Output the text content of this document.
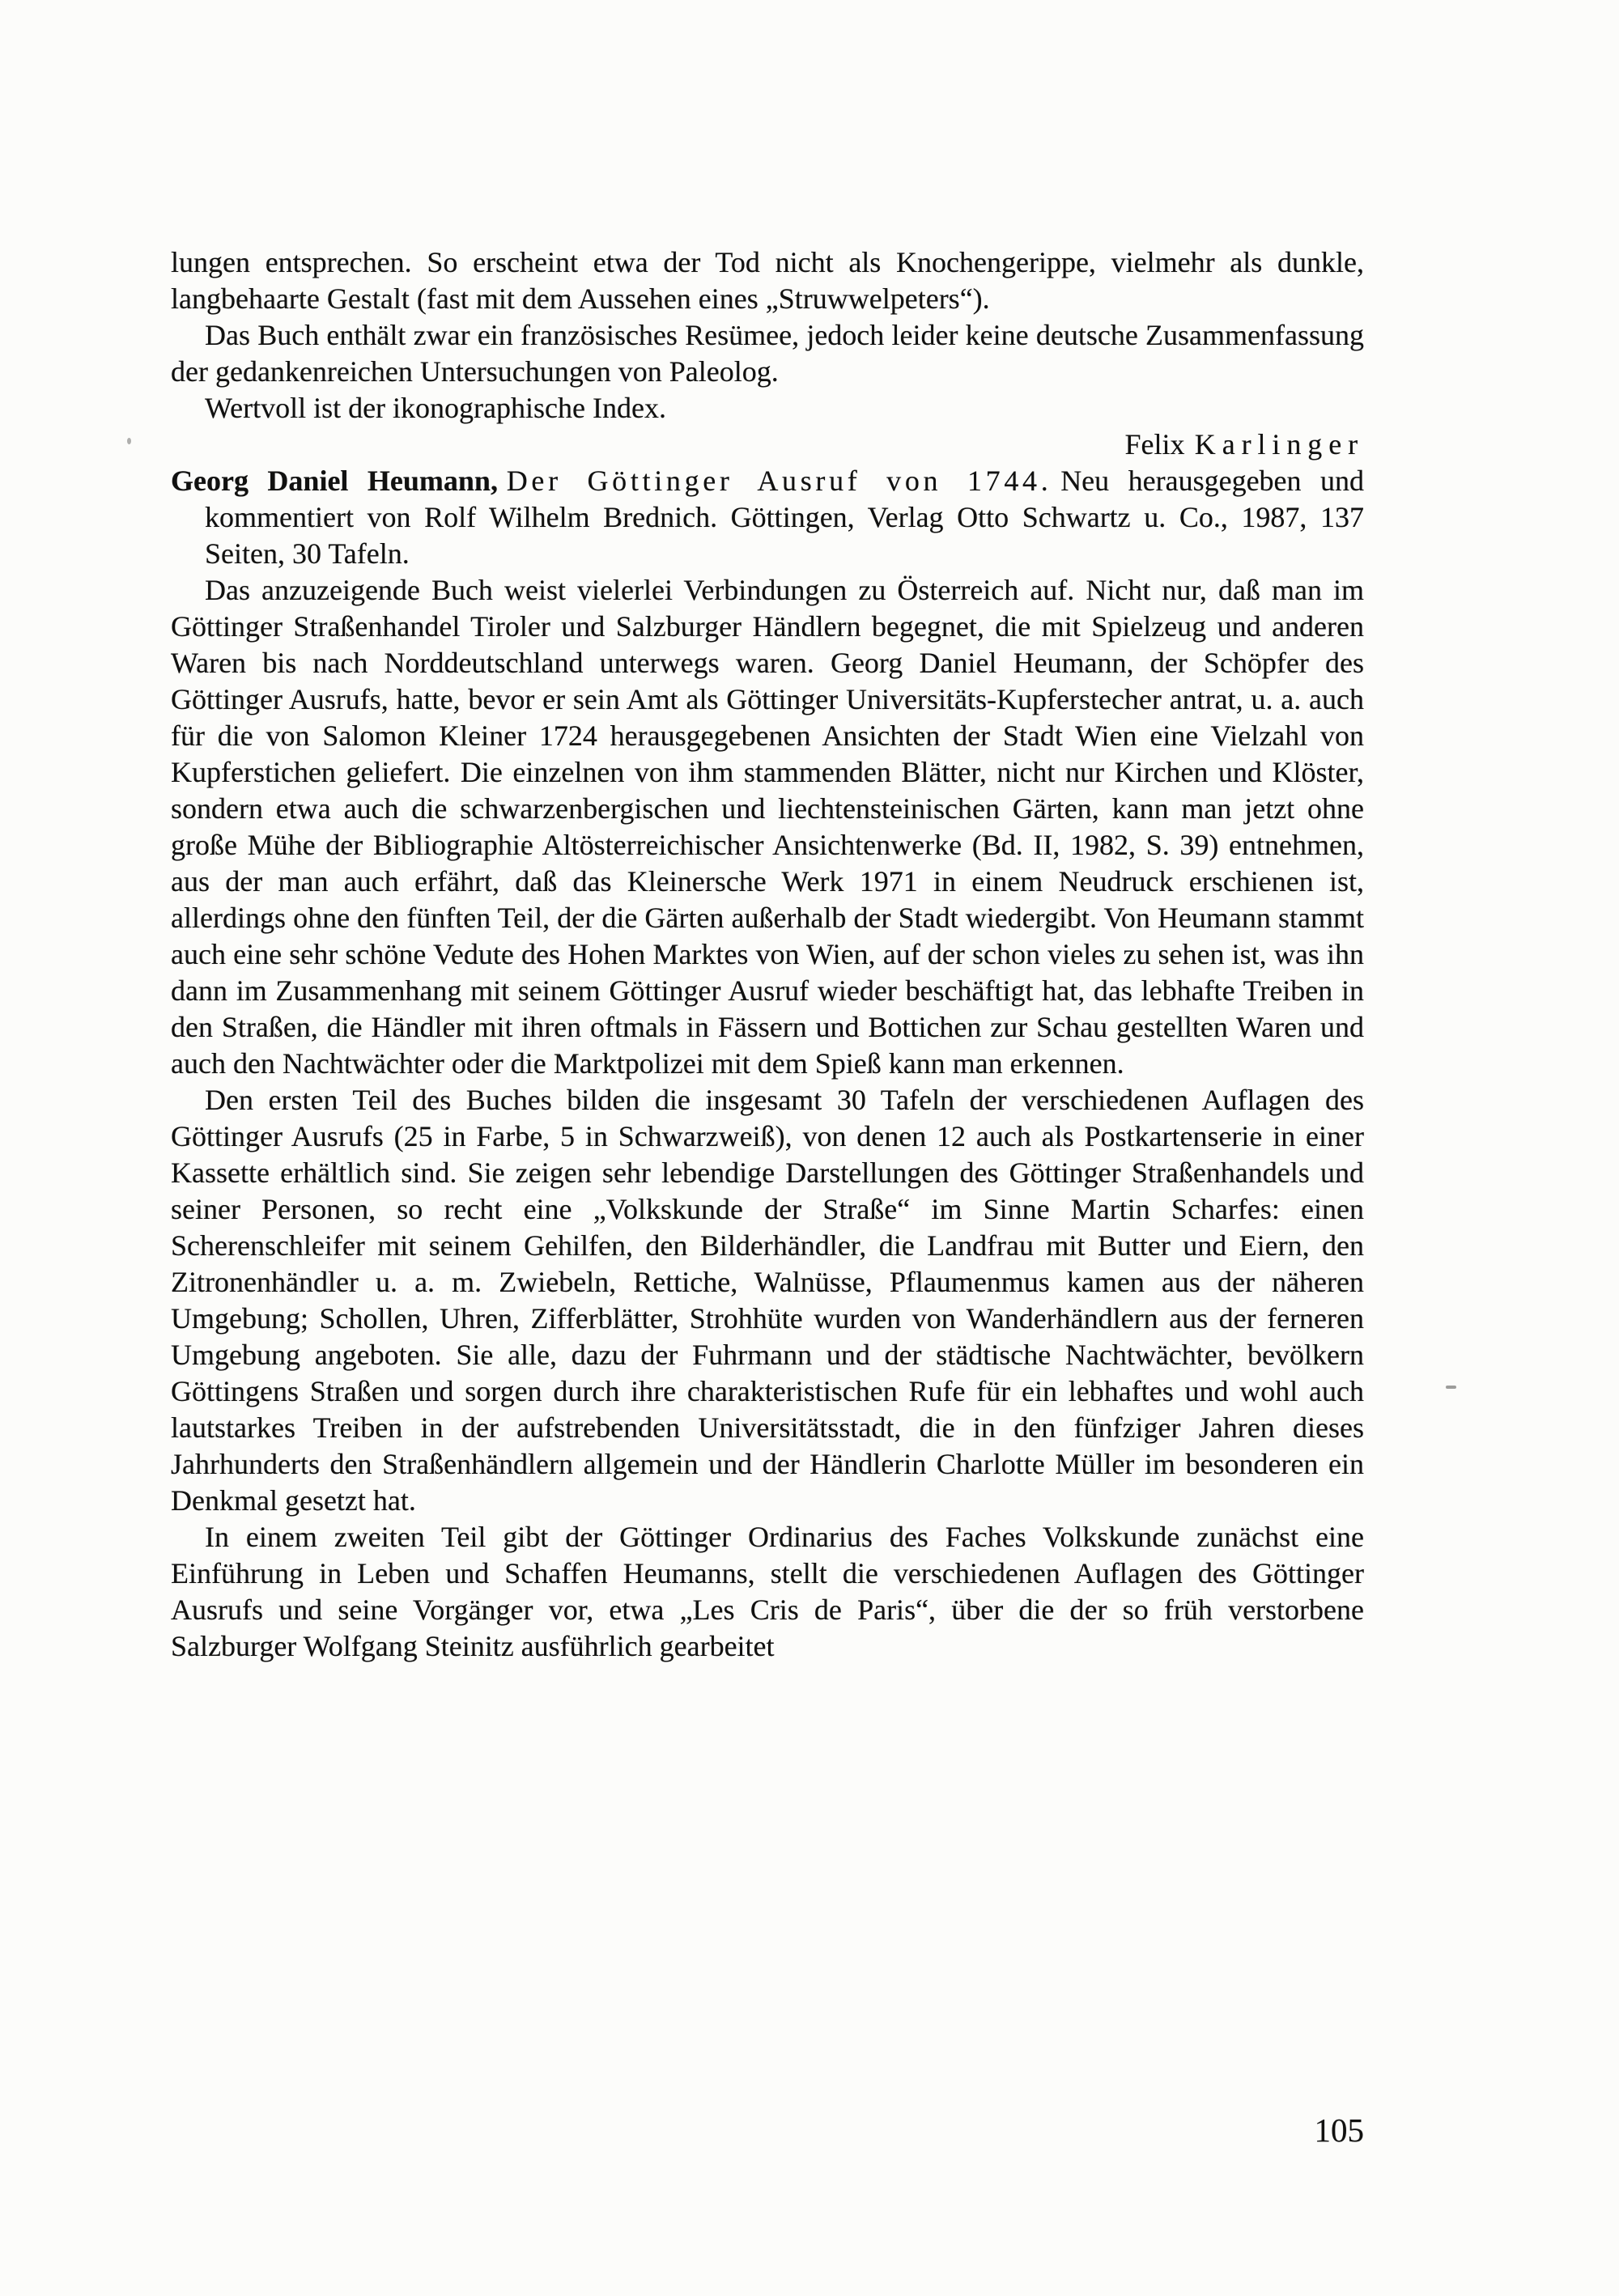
lungen entsprechen. So erscheint etwa der Tod nicht als Knochengerippe, vielmehr als dunkle, langbehaarte Gestalt (fast mit dem Aussehen eines „Struwwelpeters“).

Das Buch enthält zwar ein französisches Resümee, jedoch leider keine deutsche Zusammenfassung der gedankenreichen Untersuchungen von Paleolog.

Wertvoll ist der ikonographische Index.

Felix Karlinger

Georg Daniel Heumann, Der Göttinger Ausruf von 1744. Neu herausgegeben und kommentiert von Rolf Wilhelm Brednich. Göttingen, Verlag Otto Schwartz u. Co., 1987, 137 Seiten, 30 Tafeln.

Das anzuzeigende Buch weist vielerlei Verbindungen zu Österreich auf. Nicht nur, daß man im Göttinger Straßenhandel Tiroler und Salzburger Händlern begegnet, die mit Spielzeug und anderen Waren bis nach Norddeutschland unterwegs waren. Georg Daniel Heumann, der Schöpfer des Göttinger Ausrufs, hatte, bevor er sein Amt als Göttinger Universitäts-Kupferstecher antrat, u. a. auch für die von Salomon Kleiner 1724 herausgegebenen Ansichten der Stadt Wien eine Vielzahl von Kupferstichen geliefert. Die einzelnen von ihm stammenden Blätter, nicht nur Kirchen und Klöster, sondern etwa auch die schwarzenbergischen und liechtensteinischen Gärten, kann man jetzt ohne große Mühe der Bibliographie Altösterreichischer Ansichtenwerke (Bd. II, 1982, S. 39) entnehmen, aus der man auch erfährt, daß das Kleinersche Werk 1971 in einem Neudruck erschienen ist, allerdings ohne den fünften Teil, der die Gärten außerhalb der Stadt wiedergibt. Von Heumann stammt auch eine sehr schöne Vedute des Hohen Marktes von Wien, auf der schon vieles zu sehen ist, was ihn dann im Zusammenhang mit seinem Göttinger Ausruf wieder beschäftigt hat, das lebhafte Treiben in den Straßen, die Händler mit ihren oftmals in Fässern und Bottichen zur Schau gestellten Waren und auch den Nachtwächter oder die Marktpolizei mit dem Spieß kann man erkennen.

Den ersten Teil des Buches bilden die insgesamt 30 Tafeln der verschiedenen Auflagen des Göttinger Ausrufs (25 in Farbe, 5 in Schwarzweiß), von denen 12 auch als Postkartenserie in einer Kassette erhältlich sind. Sie zeigen sehr lebendige Darstellungen des Göttinger Straßenhandels und seiner Personen, so recht eine „Volkskunde der Straße“ im Sinne Martin Scharfes: einen Scherenschleifer mit seinem Gehilfen, den Bilderhändler, die Landfrau mit Butter und Eiern, den Zitronenhändler u. a. m. Zwiebeln, Rettiche, Walnüsse, Pflaumenmus kamen aus der näheren Umgebung; Schollen, Uhren, Zifferblätter, Strohhüte wurden von Wanderhändlern aus der ferneren Umgebung angeboten. Sie alle, dazu der Fuhrmann und der städtische Nachtwächter, bevölkern Göttingens Straßen und sorgen durch ihre charakteristischen Rufe für ein lebhaftes und wohl auch lautstarkes Treiben in der aufstrebenden Universitätsstadt, die in den fünfziger Jahren dieses Jahrhunderts den Straßenhändlern allgemein und der Händlerin Charlotte Müller im besonderen ein Denkmal gesetzt hat.

In einem zweiten Teil gibt der Göttinger Ordinarius des Faches Volkskunde zunächst eine Einführung in Leben und Schaffen Heumanns, stellt die verschiedenen Auflagen des Göttinger Ausrufs und seine Vorgänger vor, etwa „Les Cris de Paris“, über die der so früh verstorbene Salzburger Wolfgang Steinitz ausführlich gearbeitet

105
